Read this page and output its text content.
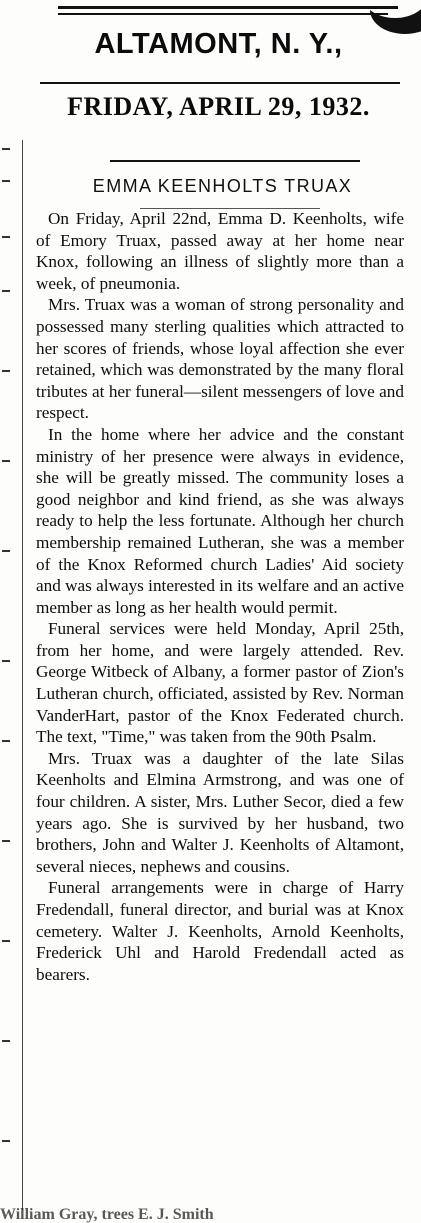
ALTAMONT, N. Y.,
FRIDAY, APRIL 29, 1932.
EMMA KEENHOLTS TRUAX

On Friday, April 22nd, Emma D. Keenholts, wife of Emory Truax, passed away at her home near Knox, following an illness of slightly more than a week, of pneumonia.

Mrs. Truax was a woman of strong personality and possessed many sterling qualities which attracted to her scores of friends, whose loyal affection she ever retained, which was demonstrated by the many floral tributes at her funeral—silent messengers of love and respect.

In the home where her advice and the constant ministry of her presence were always in evidence, she will be greatly missed. The community loses a good neighbor and kind friend, as she was always ready to help the less fortunate. Although her church membership remained Lutheran, she was a member of the Knox Reformed church Ladies' Aid society and was always interested in its welfare and an active member as long as her health would permit.

Funeral services were held Monday, April 25th, from her home, and were largely attended. Rev. George Witbeck of Albany, a former pastor of Zion's Lutheran church, officiated, assisted by Rev. Norman VanderHart, pastor of the Knox Federated church. The text, "Time," was taken from the 90th Psalm.

Mrs. Truax was a daughter of the late Silas Keenholts and Elmina Armstrong, and was one of four children. A sister, Mrs. Luther Secor, died a few years ago. She is survived by her husband, two brothers, John and Walter J. Keenholts of Altamont, several nieces, nephews and cousins.

Funeral arrangements were in charge of Harry Fredendall, funeral director, and burial was at Knox cemetery. Walter J. Keenholts, Arnold Keenholts, Frederick Uhl and Harold Fredendall acted as bearers.

William Gray, trees E. J. Smith
